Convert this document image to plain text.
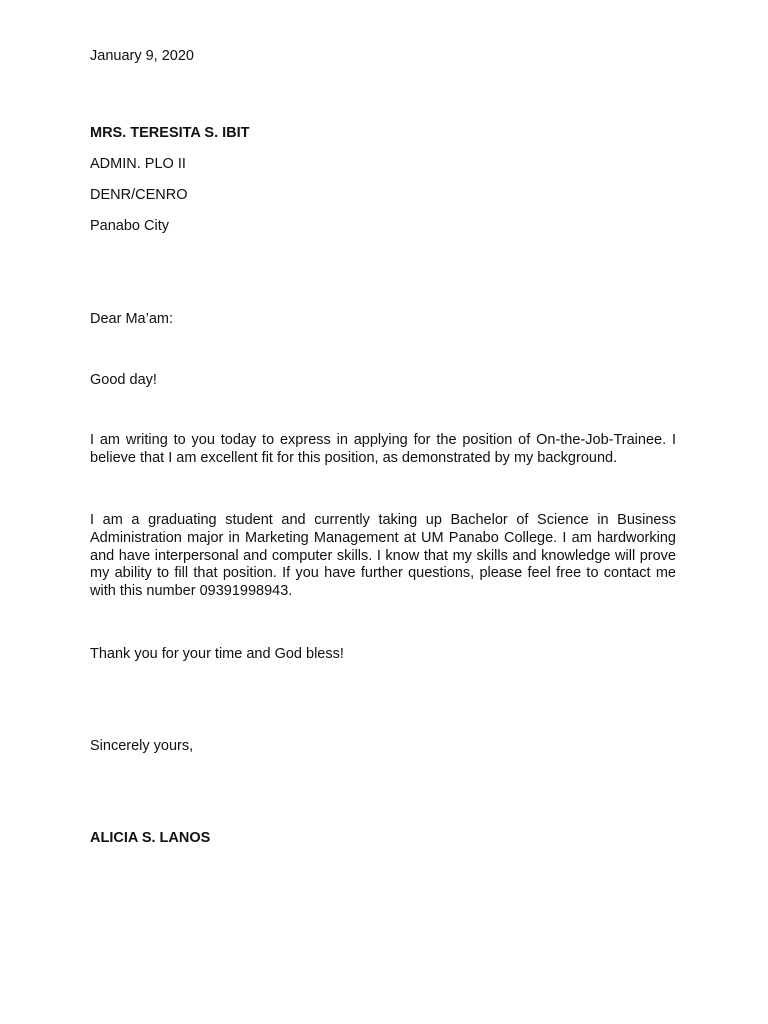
January 9, 2020
MRS. TERESITA S. IBIT
ADMIN. PLO II
DENR/CENRO
Panabo City
Dear Ma’am:
Good day!
I am writing to you today to express in applying for the position of On-the-Job-Trainee. I believe that I am excellent fit for this position, as demonstrated by my background.
I am a graduating student and currently taking up Bachelor of Science in Business Administration major in Marketing Management at UM Panabo College. I am hardworking and have interpersonal and computer skills. I know that my skills and knowledge will prove my ability to fill that position. If you have further questions, please feel free to contact me with this number 09391998943.
Thank you for your time and God bless!
Sincerely yours,
ALICIA S. LANOS
